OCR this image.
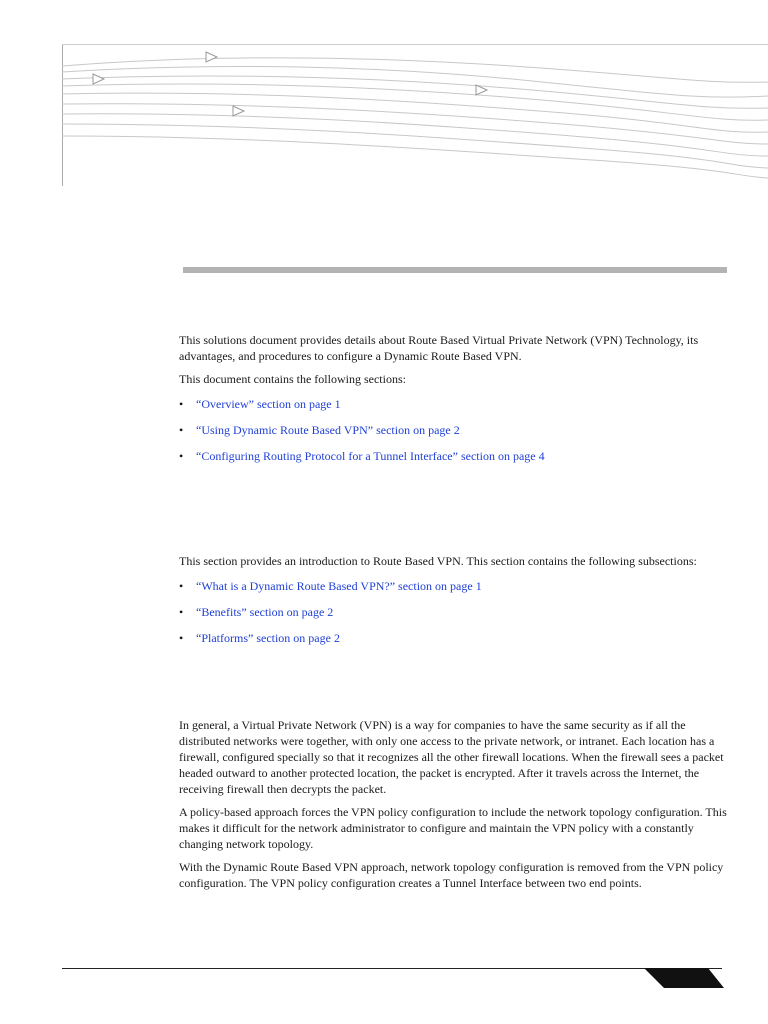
This solutions document provides details about Route Based Virtual Private Network (VPN) Technology, its advantages, and procedures to configure a Dynamic Route Based VPN.

This document contains the following sections:

• “Overview” section on page 1
• “Using Dynamic Route Based VPN” section on page 2
• “Configuring Routing Protocol for a Tunnel Interface” section on page 4

This section provides an introduction to Route Based VPN. This section contains the following subsections:

• “What is a Dynamic Route Based VPN?” section on page 1
• “Benefits” section on page 2
• “Platforms” section on page 2

In general, a Virtual Private Network (VPN) is a way for companies to have the same security as if all the distributed networks were together, with only one access to the private network, or intranet. Each location has a firewall, configured specially so that it recognizes all the other firewall locations. When the firewall sees a packet headed outward to another protected location, the packet is encrypted. After it travels across the Internet, the receiving firewall then decrypts the packet.

A policy-based approach forces the VPN policy configuration to include the network topology configuration. This makes it difficult for the network administrator to configure and maintain the VPN policy with a constantly changing network topology.

With the Dynamic Route Based VPN approach, network topology configuration is removed from the VPN policy configuration. The VPN policy configuration creates a Tunnel Interface between two end points.
